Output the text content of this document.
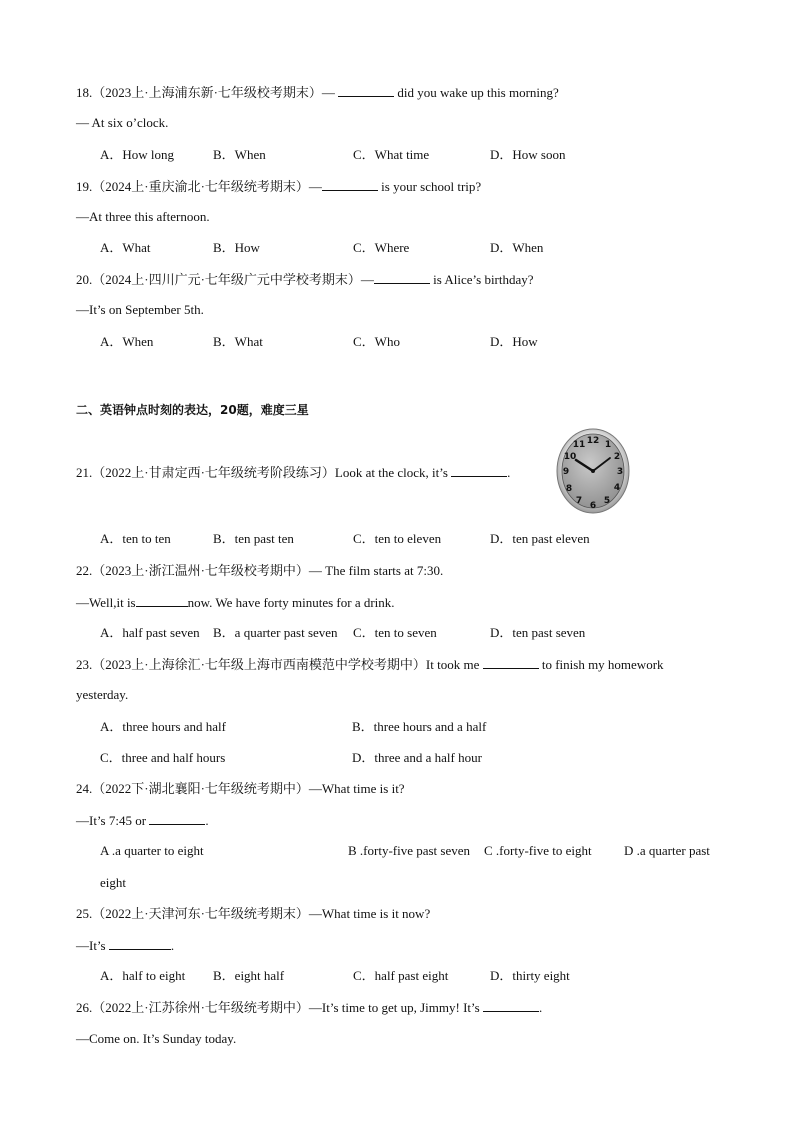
18.（2023上·上海浦东新·七年级校考期末）—	did you wake up this morning?
— At six o’clock.
A．How long	B．When	C．What time	D．How soon
19.（2024上·重庆渝北·七年级统考期末）—	is your school trip?
—At three this afternoon.
A．What	B．How	C．Where	D．When
20.（2024上·四川广元·七年级广元中学校考期末）—	is Alice’s birthday?
—It’s on September 5th.
A．When	B．What	C．Who	D．How
二、英语钟点时刻的表达，20题，难度三星
21.（2022上·甘肃定西·七年级统考阶段练习）Look at the clock, it’s	.
12 1
2
3
4
5
6
7
8
9
10
11
A．ten to ten	B．ten past ten	C．ten to eleven	D．ten past eleven
22.（2023上·浙江温州·七年级校考期中）— The film starts at 7:30.
—Well,it is	now. We have forty minutes for a drink.
A．half past seven B．a quarter past seven C．ten to seven	D．ten past seven
23.（2023上·上海徐汇·七年级上海市西南模范中学校考期中）It took me	to finish my homework
yesterday.
A．three hours and half	B．three hours and a half
C．three and half hours	D．three and a half hour
24.（2022下·湖北襄阳·七年级统考期中）—What time is it?
—It’s 7:45 or	.
A .a quarter to eight	B .forty-five past seven C .forty-five to eight D .a quarter past
eight
25.（2022上·天津河东·七年级统考期末）—What time is it now?
—It’s	.
A．half to eight B．eight half	C．half past eight	D．thirty eight
26.（2022上·江苏徐州·七年级统考期中）—It’s time to get up, Jimmy! It’s	.
—Come on. It’s Sunday today.
